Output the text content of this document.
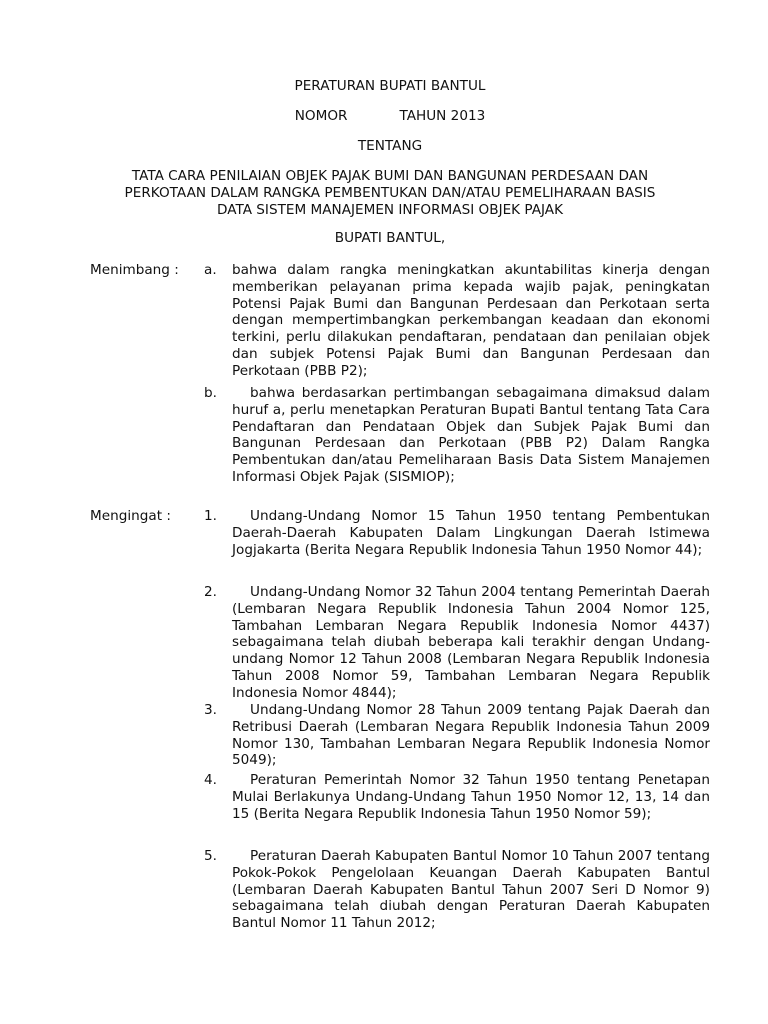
PERATURAN BUPATI BANTUL
NOMOR	TAHUN 2013
TENTANG
TATA CARA PENILAIAN OBJEK PAJAK BUMI DAN BANGUNAN PERDESAAN DAN
PERKOTAAN DALAM RANGKA PEMBENTUKAN DAN/ATAU PEMELIHARAAN BASIS
DATA SISTEM MANAJEMEN INFORMASI OBJEK PAJAK
BUPATI BANTUL,
Menimbang : a. bahwa dalam rangka meningkatkan akuntabilitas kinerja dengan memberikan pelayanan prima kepada wajib pajak, peningkatan Potensi Pajak Bumi dan Bangunan Perdesaan dan Perkotaan serta dengan mempertimbangkan perkembangan keadaan dan ekonomi terkini, perlu dilakukan pendaftaran, pendataan dan penilaian objek dan subjek Potensi Pajak Bumi dan Bangunan Perdesaan dan Perkotaan (PBB P2);
b.	bahwa berdasarkan pertimbangan sebagaimana dimaksud dalam huruf a, perlu menetapkan Peraturan Bupati Bantul tentang Tata Cara Pendaftaran dan Pendataan Objek dan Subjek Pajak Bumi dan Bangunan Perdesaan dan Perkotaan (PBB P2) Dalam Rangka Pembentukan dan/atau Pemeliharaan Basis Data Sistem Manajemen Informasi Objek Pajak (SISMIOP);
Mengingat : 1.	Undang-Undang Nomor 15 Tahun 1950 tentang Pembentukan Daerah-Daerah Kabupaten Dalam Lingkungan Daerah Istimewa Jogjakarta (Berita Negara Republik Indonesia Tahun 1950 Nomor 44);
2.	Undang-Undang Nomor 32 Tahun 2004 tentang Pemerintah Daerah (Lembaran Negara Republik Indonesia Tahun 2004 Nomor 125, Tambahan Lembaran Negara Republik Indonesia Nomor 4437) sebagaimana telah diubah beberapa kali terakhir dengan Undang-undang Nomor 12 Tahun 2008 (Lembaran Negara Republik Indonesia Tahun 2008 Nomor 59, Tambahan Lembaran Negara Republik Indonesia Nomor 4844);
3.	Undang-Undang Nomor 28 Tahun 2009 tentang Pajak Daerah dan Retribusi Daerah (Lembaran Negara Republik Indonesia Tahun 2009 Nomor 130, Tambahan Lembaran Negara Republik Indonesia Nomor 5049);
4.	Peraturan Pemerintah Nomor 32 Tahun 1950 tentang Penetapan Mulai Berlakunya Undang-Undang Tahun 1950 Nomor 12, 13, 14 dan 15 (Berita Negara Republik Indonesia Tahun 1950 Nomor 59);
5.	Peraturan Daerah Kabupaten Bantul Nomor 10 Tahun 2007 tentang Pokok-Pokok Pengelolaan Keuangan Daerah Kabupaten Bantul (Lembaran Daerah Kabupaten Bantul Tahun 2007 Seri D Nomor 9) sebagaimana telah diubah dengan Peraturan Daerah Kabupaten Bantul Nomor 11 Tahun 2012;
